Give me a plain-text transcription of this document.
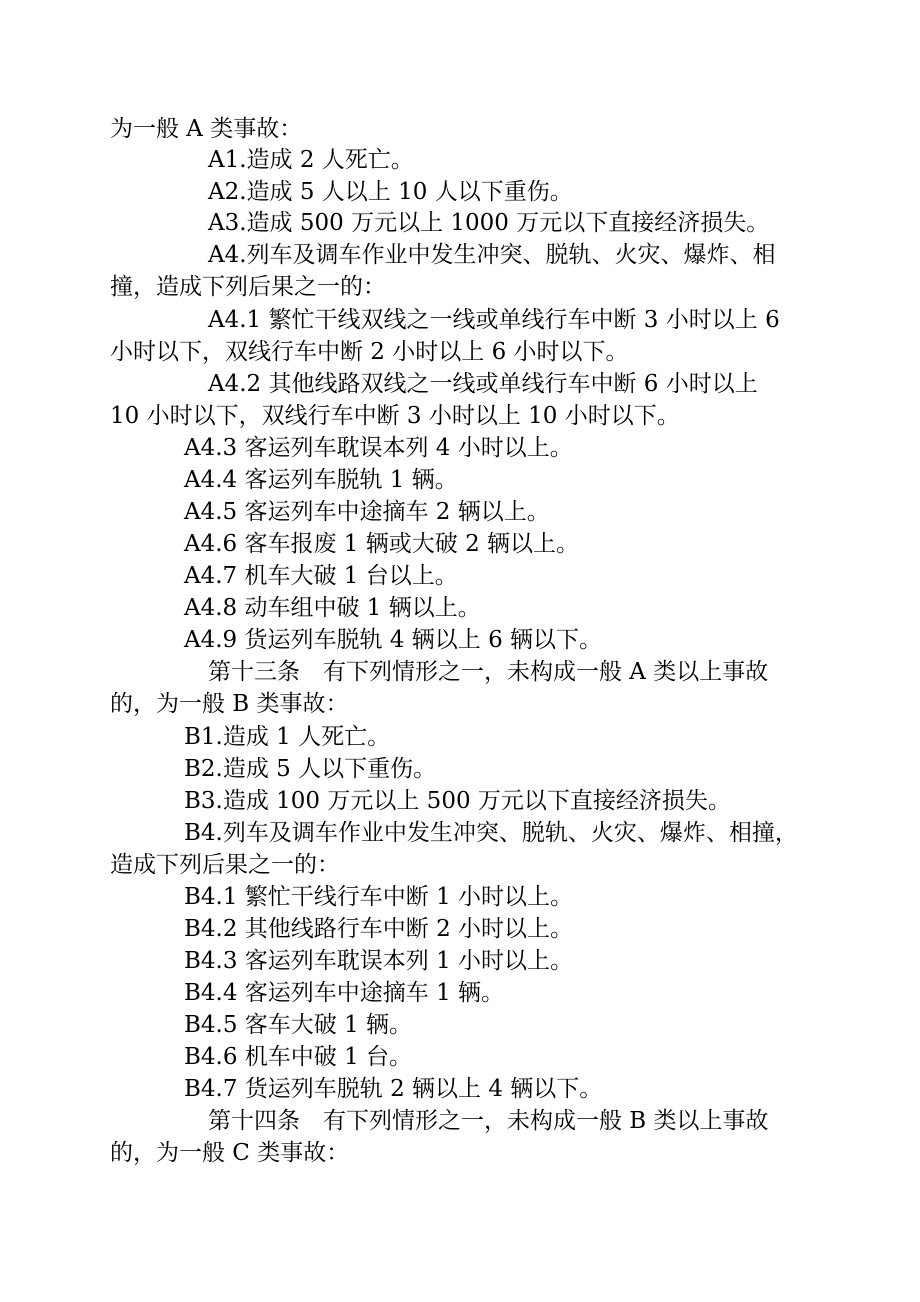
为一般 A 类事故：
A1.造成 2 人死亡。
A2.造成 5 人以上 10 人以下重伤。
A3.造成 500 万元以上 1000 万元以下直接经济损失。
A4.列车及调车作业中发生冲突、脱轨、火灾、爆炸、相
撞，造成下列后果之一的：
A4.1 繁忙干线双线之一线或单线行车中断 3 小时以上 6
小时以下，双线行车中断 2 小时以上 6 小时以下。
A4.2 其他线路双线之一线或单线行车中断 6 小时以上
10 小时以下，双线行车中断 3 小时以上 10 小时以下。
A4.3 客运列车耽误本列 4 小时以上。
A4.4 客运列车脱轨 1 辆。
A4.5 客运列车中途摘车 2 辆以上。
A4.6 客车报废 1 辆或大破 2 辆以上。
A4.7 机车大破 1 台以上。
A4.8 动车组中破 1 辆以上。
A4.9 货运列车脱轨 4 辆以上 6 辆以下。
第十三条　有下列情形之一，未构成一般 A 类以上事故
的，为一般 B 类事故：
B1.造成 1 人死亡。
B2.造成 5 人以下重伤。
B3.造成 100 万元以上 500 万元以下直接经济损失。
B4.列车及调车作业中发生冲突、脱轨、火灾、爆炸、相撞，
造成下列后果之一的：
B4.1 繁忙干线行车中断 1 小时以上。
B4.2 其他线路行车中断 2 小时以上。
B4.3 客运列车耽误本列 1 小时以上。
B4.4 客运列车中途摘车 1 辆。
B4.5 客车大破 1 辆。
B4.6 机车中破 1 台。
B4.7 货运列车脱轨 2 辆以上 4 辆以下。
第十四条　有下列情形之一，未构成一般 B 类以上事故
的，为一般 C 类事故：
